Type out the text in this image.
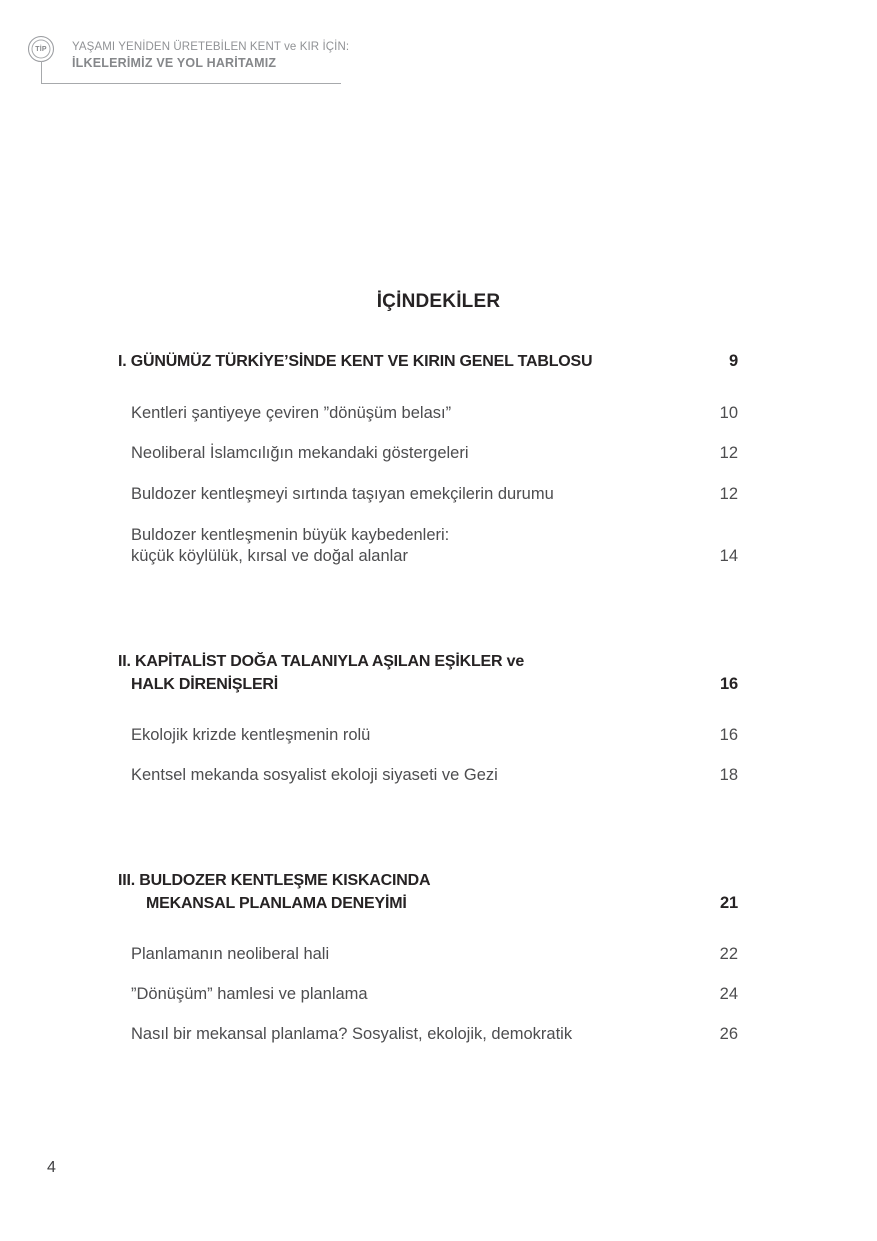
TİP YAŞAMI YENİDEN ÜRETEBİLEN KENT ve KIR İÇİN:
İLKELERİMİZ VE YOL HARİTAMIZ
İÇİNDEKİLER
I. GÜNÜMÜZ TÜRKİYE’SİNDE KENT VE KIRIN GENEL TABLOSU	9
Kentleri şantiyeye çeviren ”dönüşüm belası”	10
Neoliberal İslamcılığın mekandaki göstergeleri	12
Buldozer kentleşmeyi sırtında taşıyan emekçilerin durumu	12
Buldozer kentleşmenin büyük kaybedenleri:
küçük köylülük, kırsal ve doğal alanlar	14
II. KAPİTALİST DOĞA TALANIYLA AŞILAN EŞİKLER ve
HALK DİRENİŞLERİ	16
Ekolojik krizde kentleşmenin rolü	16
Kentsel mekanda sosyalist ekoloji siyaseti ve Gezi	18
III. BULDOZER KENTLEŞME KISKACINDA
MEKANSAL PLANLAMA DENEYİMİ	21
Planlamanın neoliberal hali	22
”Dönüşüm” hamlesi ve planlama	24
Nasıl bir mekansal planlama? Sosyalist, ekolojik, demokratik	26
4
